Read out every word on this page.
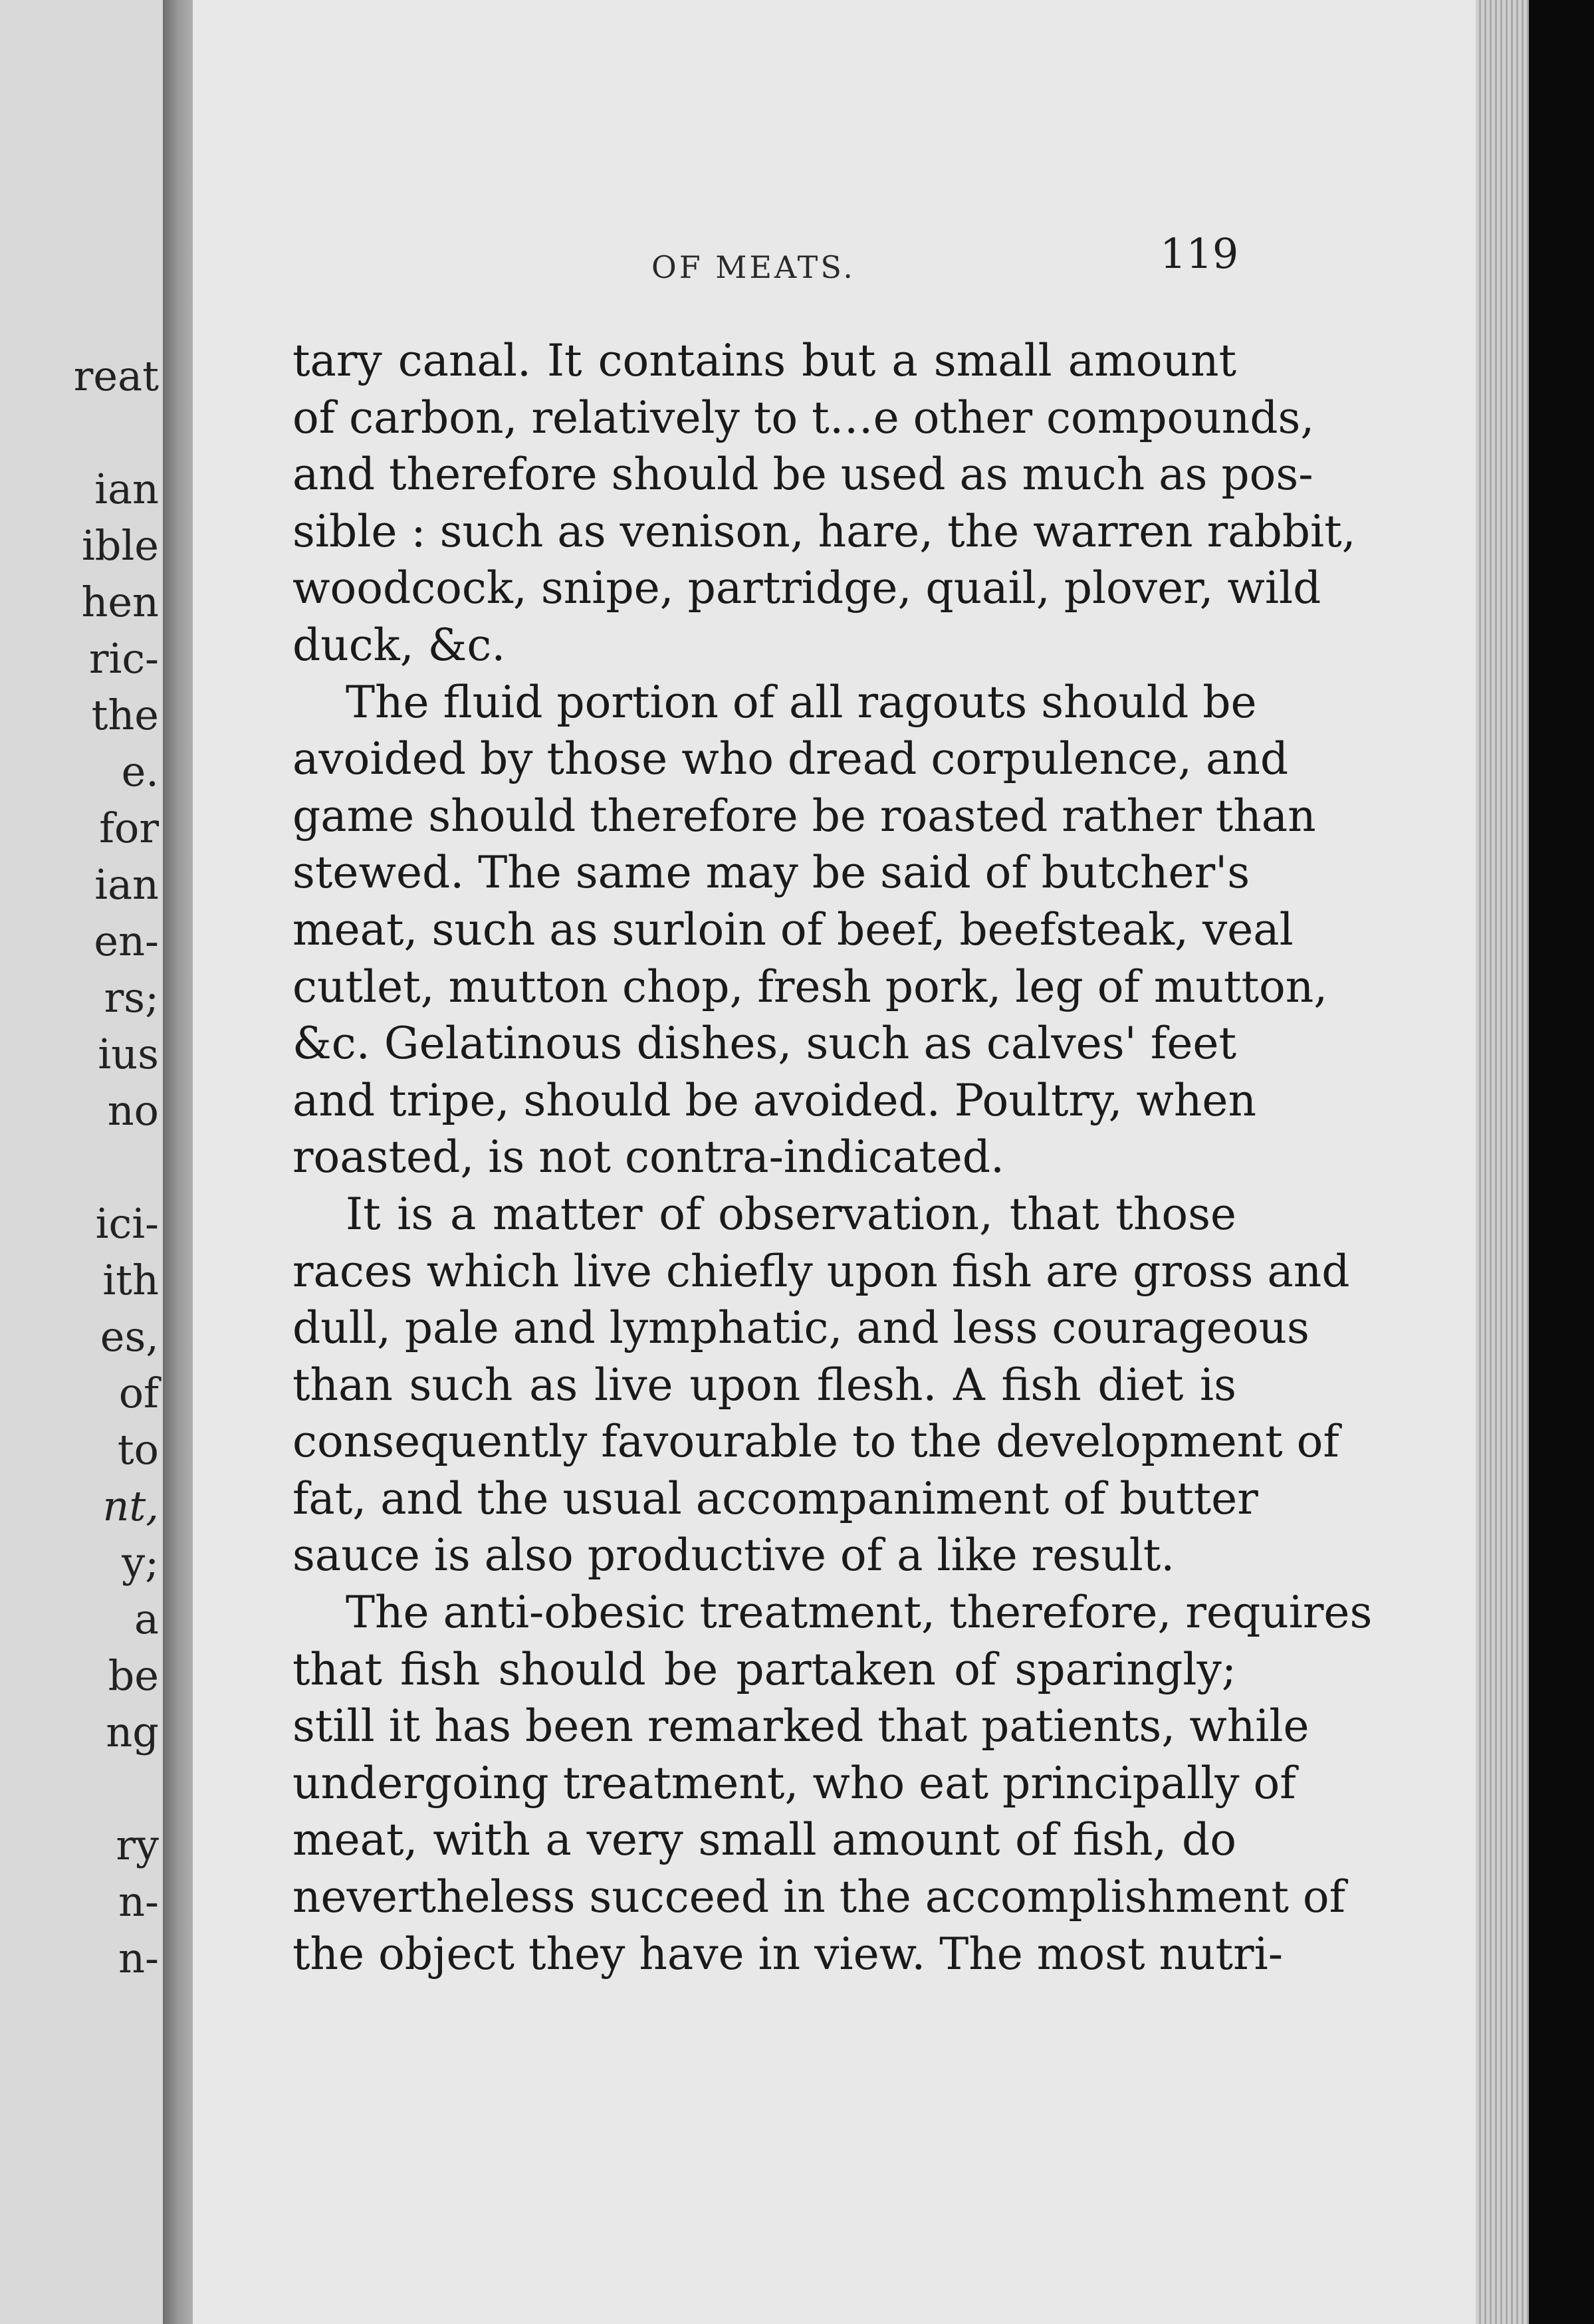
reat
ian
ible
hen
ric-
the
e.
for
ian
en-
rs;
ius
no
ici-
ith
es,
of
to
nt,
y;
a
be
ng
ry
n-
n-
OF MEATS.	119
tary canal. It contains but a small amount
of carbon, relatively to t…e other compounds,
and therefore should be used as much as pos-
sible : such as venison, hare, the warren rabbit,
woodcock, snipe, partridge, quail, plover, wild
duck, &c.
The fluid portion of all ragouts should be
avoided by those who dread corpulence, and
game should therefore be roasted rather than
stewed. The same may be said of butcher's
meat, such as surloin of beef, beefsteak, veal
cutlet, mutton chop, fresh pork, leg of mutton,
&c. Gelatinous dishes, such as calves' feet
and tripe, should be avoided. Poultry, when
roasted, is not contra-indicated.
It is a matter of observation, that those
races which live chiefly upon fish are gross and
dull, pale and lymphatic, and less courageous
than such as live upon flesh. A fish diet is
consequently favourable to the development of
fat, and the usual accompaniment of butter
sauce is also productive of a like result.
The anti-obesic treatment, therefore, requires
that fish should be partaken of sparingly;
still it has been remarked that patients, while
undergoing treatment, who eat principally of
meat, with a very small amount of fish, do
nevertheless succeed in the accomplishment of
the object they have in view. The most nutri-
